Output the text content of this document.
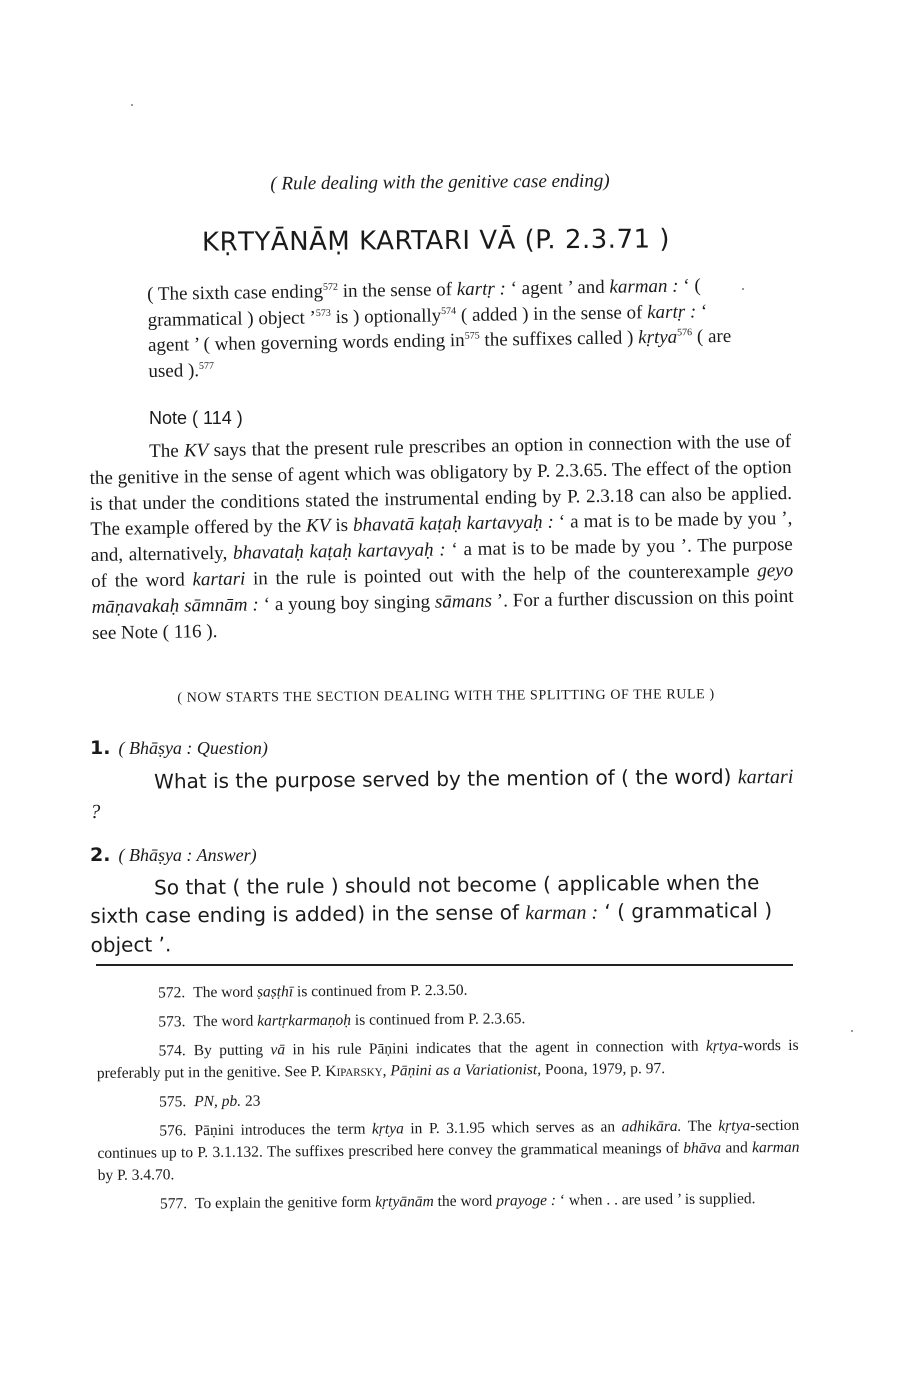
( Rule dealing with the genitive case ending)
KṚTYĀNĀṂ KARTARI VĀ (P. 2.3.71 )
( The sixth case ending$^{572}$ in the sense of kartṛ : ‘ agent ’ and karman : ‘ ( grammatical ) object ’$^{573}$ is ) optionally$^{574}$ ( added ) in the sense of kartṛ : ‘ agent ’ ( when governing words ending $in^{575}$ the suffixes called ) kṛtya$^{576}$ ( are used ).$^{577}$
Note ( 114 )
The KV says that the present rule prescribes an option in connection with the use of the genitive in the sense of agent which was obligatory by P. 2.3.65. The effect of the option is that under the conditions stated the instrumental ending by P. 2.3.18 can also be applied. The example offered by the KV is bhavatā kaṭaḥ kartavyaḥ : ‘ a mat is to be made by you ’, and, alternatively, bhavataḥ kaṭaḥ kartavyaḥ : ‘ a mat is to be made by you ’. The purpose of the word kartari in the rule is pointed out with the help of the counterexample geyo māṇavakaḥ sāmnām : ‘ a young boy singing sāmans ’. For a further discussion on this point see Note ( 116 ).
( NOW STARTS THE SECTION DEALING WITH THE SPLITTING OF THE RULE )
1. ( Bhāṣya : Question)
What is the purpose served by the mention of ( the word) kartari ?
2. ( Bhāṣya : Answer)
So that ( the rule ) should not become ( applicable when the sixth case ending is added) in the sense of karman : ‘ ( grammatical ) object ’.

572. The word ṣaṣṭhī is continued from P. 2.3.50.

573. The word kartṛkarmaṇoḥ is continued from P. 2.3.65.

574. By putting vā in his rule Pāṇini indicates that the agent in connection with kṛtya-words is preferably put in the genitive. See P. Kiparsky, Pāṇini as a Variationist, Poona, 1979, p. 97.

575. PN, pb. 23

576. Pāṇini introduces the term kṛtya in P. 3.1.95 which serves as an adhikāra. The kṛtya-section continues up to P. 3.1.132. The suffixes prescribed here convey the grammatical meanings of bhāva and karman by P. 3.4.70.

577. To explain the genitive form kṛtyānām the word prayoge : ‘ when . . are used ’ is supplied.
